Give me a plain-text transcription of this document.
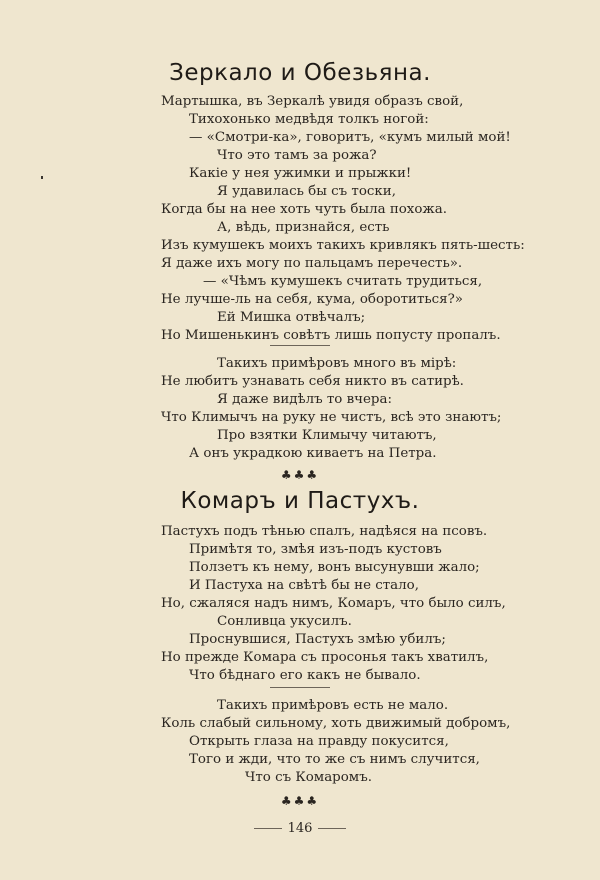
Зеркало и Обезьяна.
Мартышка, въ Зеркалѣ увидя образъ свой,
Тихохонько медвѣдя толкъ ногой:
— «Смотри-ка», говоритъ, «кумъ милый мой!
Что это тамъ за рожа?
Какіе у нея ужимки и прыжки!
Я удавилась бы съ тоски,
Когда бы на нее хоть чуть была похожа.
А, вѣдь, признайся, есть
Изъ кумушекъ моихъ такихъ кривлякъ пять-шесть:
Я даже ихъ могу по пальцамъ перечесть».
— «Чѣмъ кумушекъ считать трудиться,
Не лучше-ль на себя, кума, оборотиться?»
Ей Мишка отвѣчалъ;
Но Мишенькинъ совѣтъ лишь попусту пропалъ.
Такихъ примѣровъ много въ мірѣ:
Не любитъ узнавать себя никто въ сатирѣ.
Я даже видѣлъ то вчера:
Что Климычъ на руку не чистъ, всѣ это знаютъ;
Про взятки Климычу читаютъ,
А онъ украдкою киваетъ на Петра.
♣♣♣
Комаръ и Пастухъ.
Пастухъ подъ тѣнью спалъ, надѣяся на псовъ.
Примѣтя то, змѣя изъ-подъ кустовъ
Ползетъ къ нему, вонъ высунувши жало;
И Пастуха на свѣтѣ бы не стало,
Но, сжаляся надъ нимъ, Комаръ, что было силъ,
Сонливца укусилъ.
Проснувшися, Пастухъ змѣю убилъ;
Но прежде Комара съ просонья такъ хватилъ,
Что бѣднаго его какъ не бывало.
Такихъ примѣровъ есть не мало.
Коль слабый сильному, хоть движимый добромъ,
Открыть глаза на правду покусится,
Того и жди, что то же съ нимъ случится,
Что съ Комаромъ.
♣♣♣
146
